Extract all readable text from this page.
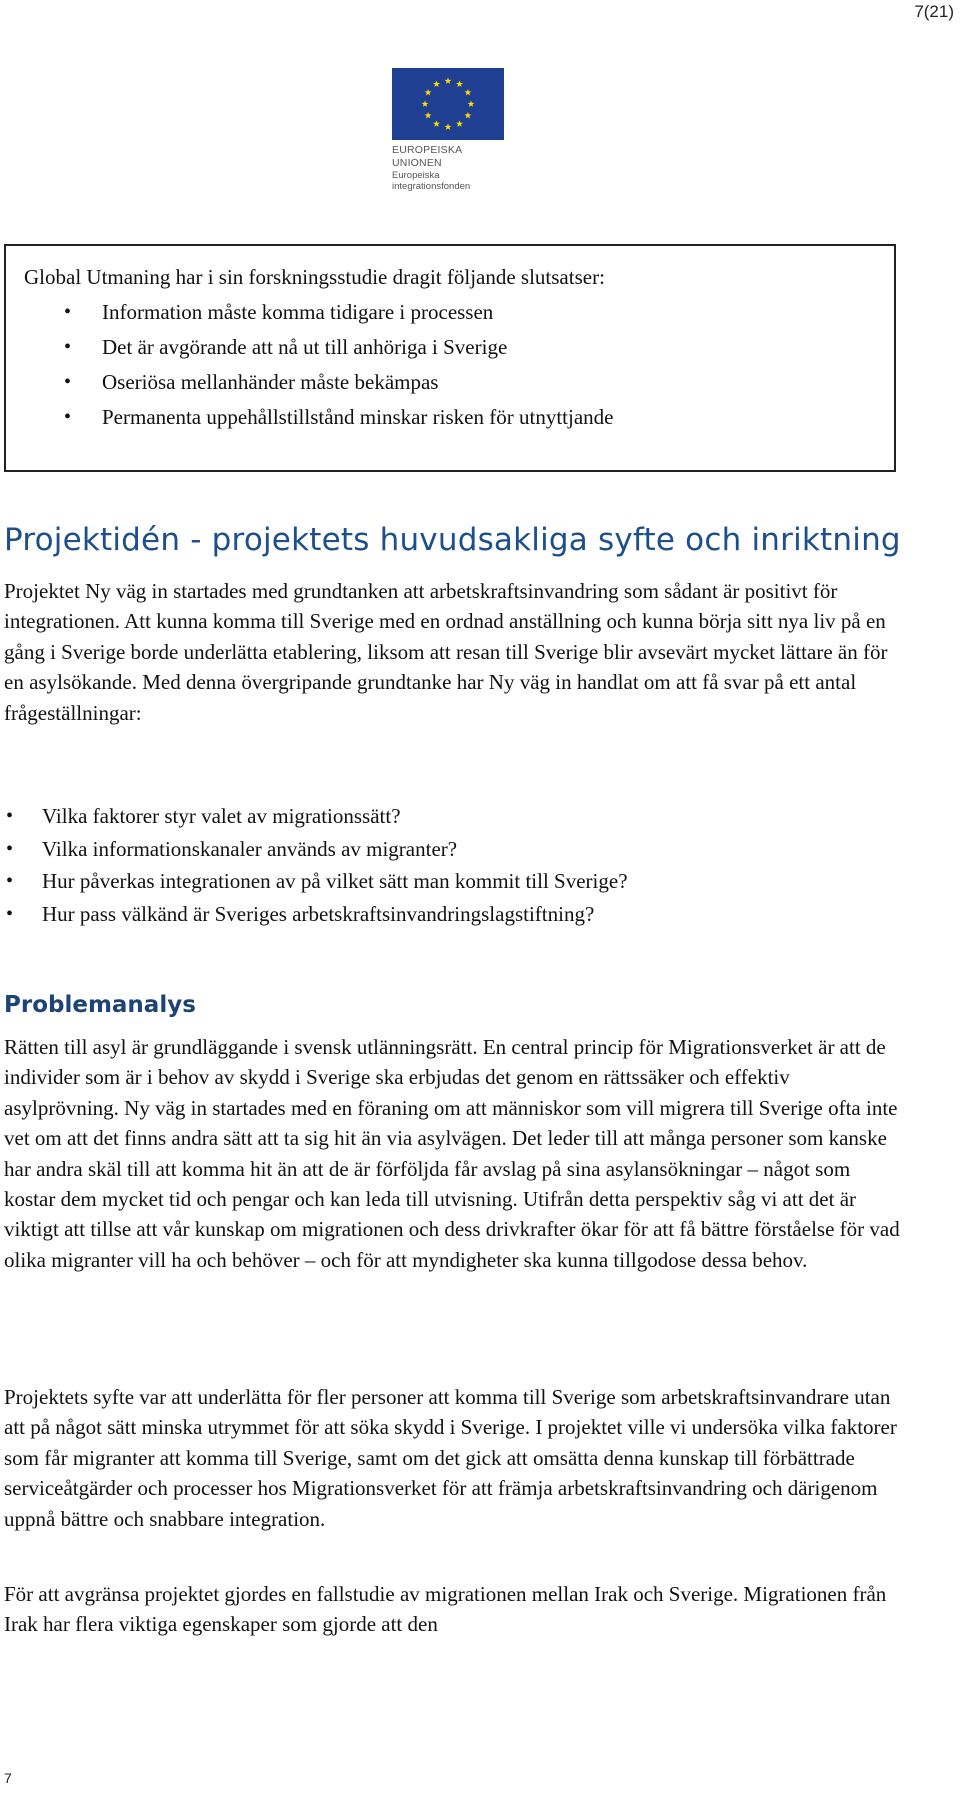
7(21)
EUROPEISKA UNIONEN
Europeiska integrationsfonden

Global Utmaning har i sin forskningsstudie dragit följande slutsatser:

• Information måste komma tidigare i processen
• Det är avgörande att nå ut till anhöriga i Sverige
• Oseriösa mellanhänder måste bekämpas
• Permanenta uppehållstillstånd minskar risken för utnyttjande
Projektidén - projektets huvudsakliga syfte och inriktning

Projektet Ny väg in startades med grundtanken att arbetskraftsinvandring som sådant är positivt för integrationen. Att kunna komma till Sverige med en ordnad anställning och kunna börja sitt nya liv på en gång i Sverige borde underlätta etablering, liksom att resan till Sverige blir avsevärt mycket lättare än för en asylsökande. Med denna övergripande grundtanke har Ny väg in handlat om att få svar på ett antal frågeställningar:

• Vilka faktorer styr valet av migrationssätt?
• Vilka informationskanaler används av migranter?
• Hur påverkas integrationen av på vilket sätt man kommit till Sverige?
• Hur pass välkänd är Sveriges arbetskraftsinvandringslagstiftning?
Problemanalys

Rätten till asyl är grundläggande i svensk utlänningsrätt. En central princip för Migrationsverket är att de individer som är i behov av skydd i Sverige ska erbjudas det genom en rättssäker och effektiv asylprövning. Ny väg in startades med en föraning om att människor som vill migrera till Sverige ofta inte vet om att det finns andra sätt att ta sig hit än via asylvägen. Det leder till att många personer som kanske har andra skäl till att komma hit än att de är förföljda får avslag på sina asylansökningar – något som kostar dem mycket tid och pengar och kan leda till utvisning. Utifrån detta perspektiv såg vi att det är viktigt att tillse att vår kunskap om migrationen och dess drivkrafter ökar för att få bättre förståelse för vad olika migranter vill ha och behöver – och för att myndigheter ska kunna tillgodose dessa behov.

Projektets syfte var att underlätta för fler personer att komma till Sverige som arbetskraftsinvandrare utan att på något sätt minska utrymmet för att söka skydd i Sverige. I projektet ville vi undersöka vilka faktorer som får migranter att komma till Sverige, samt om det gick att omsätta denna kunskap till förbättrade serviceåtgärder och processer hos Migrationsverket för att främja arbetskraftsinvandring och därigenom uppnå bättre och snabbare integration.

För att avgränsa projektet gjordes en fallstudie av migrationen mellan Irak och Sverige. Migrationen från Irak har flera viktiga egenskaper som gjorde att den

7
